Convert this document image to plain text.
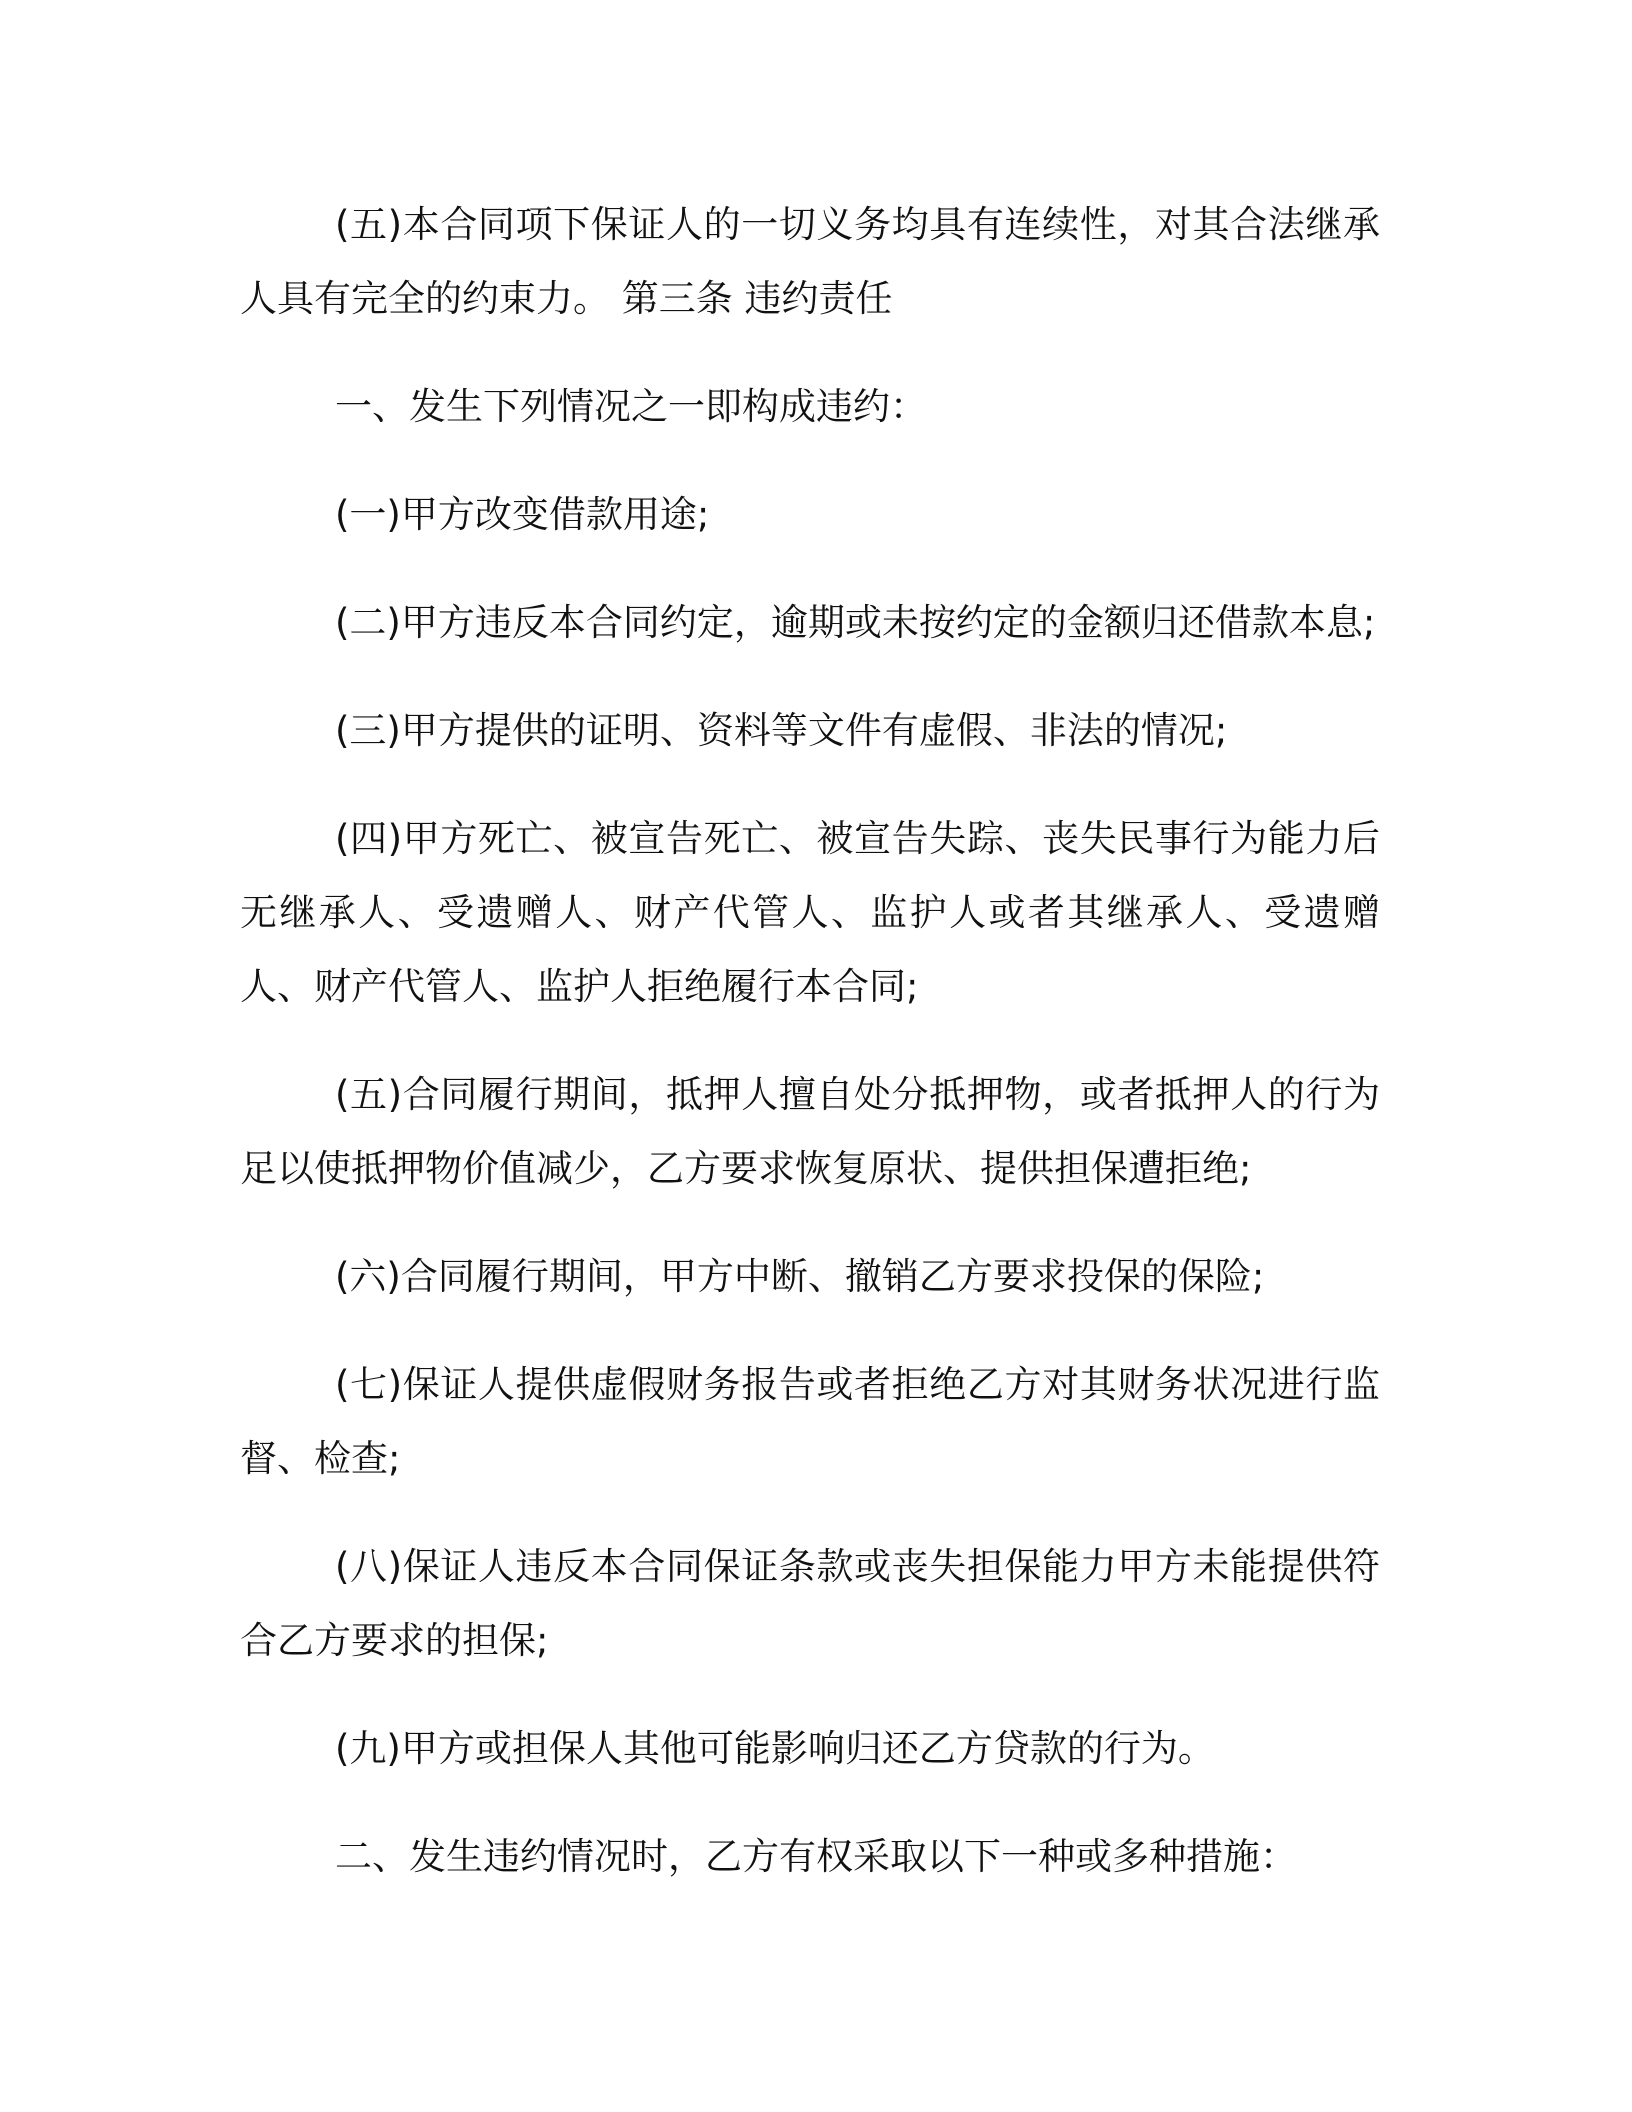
(五)本合同项下保证人的一切义务均具有连续性，对其合法继承人具有完全的约束力。 第三条 违约责任

一、发生下列情况之一即构成违约：

(一)甲方改变借款用途;

(二)甲方违反本合同约定，逾期或未按约定的金额归还借款本息;

(三)甲方提供的证明、资料等文件有虚假、非法的情况;

(四)甲方死亡、被宣告死亡、被宣告失踪、丧失民事行为能力后无继承人、受遗赠人、财产代管人、监护人或者其继承人、受遗赠人、财产代管人、监护人拒绝履行本合同;

(五)合同履行期间，抵押人擅自处分抵押物，或者抵押人的行为足以使抵押物价值减少，乙方要求恢复原状、提供担保遭拒绝;

(六)合同履行期间，甲方中断、撤销乙方要求投保的保险;

(七)保证人提供虚假财务报告或者拒绝乙方对其财务状况进行监督、检查;

(八)保证人违反本合同保证条款或丧失担保能力甲方未能提供符合乙方要求的担保;

(九)甲方或担保人其他可能影响归还乙方贷款的行为。

二、发生违约情况时，乙方有权采取以下一种或多种措施：
